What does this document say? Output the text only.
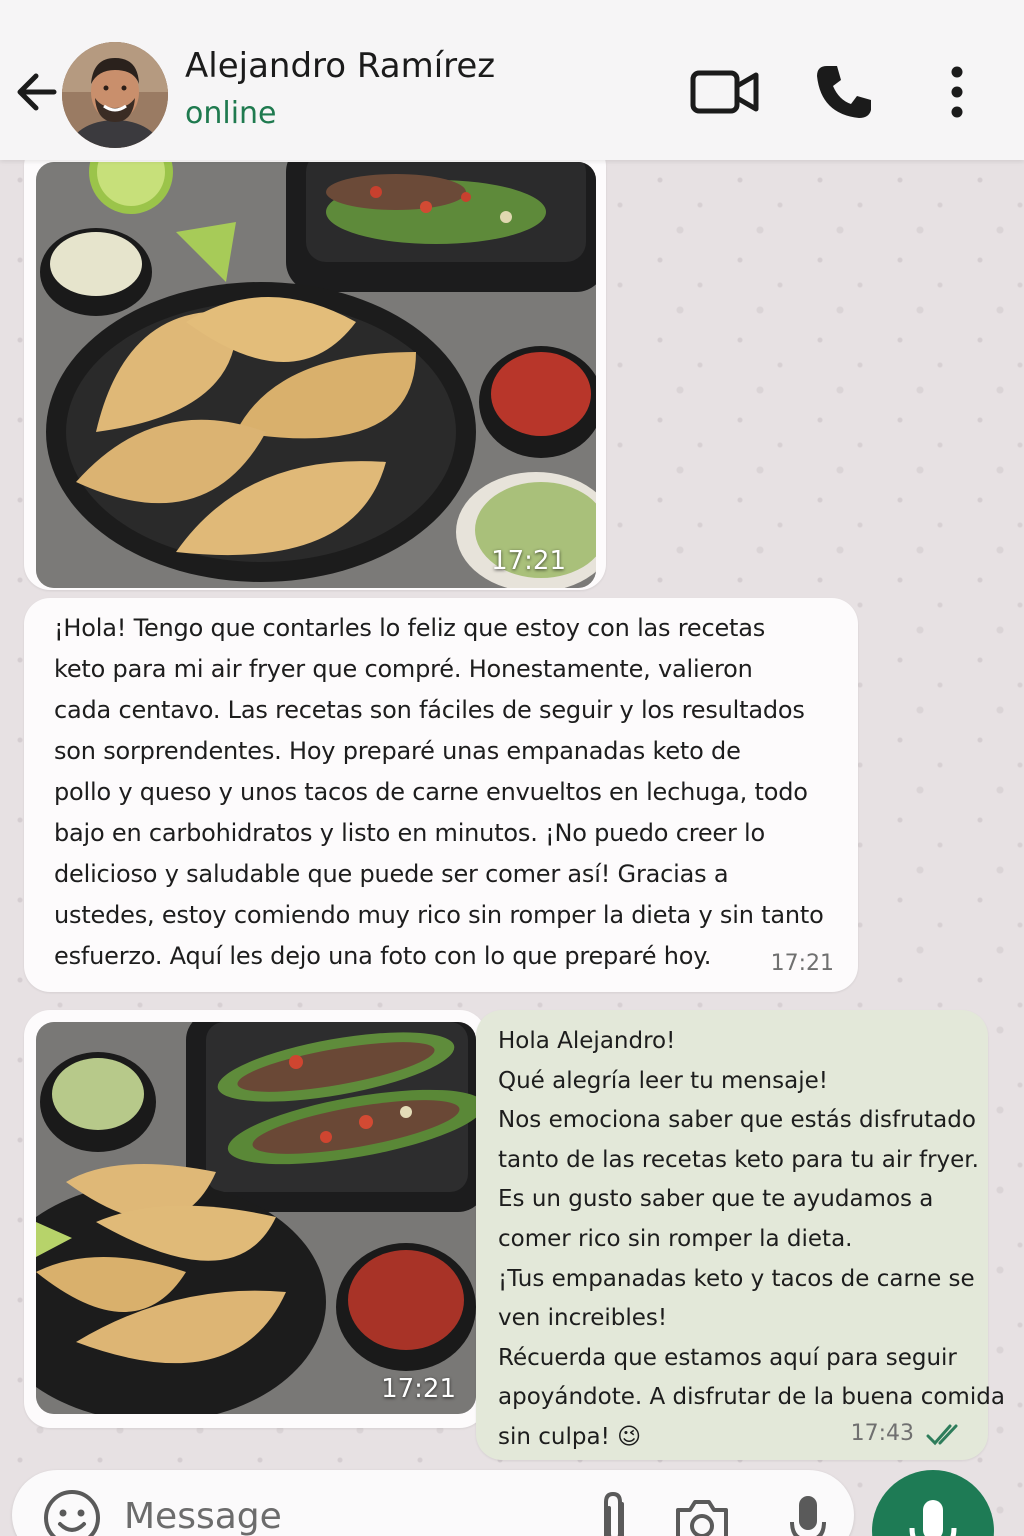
Alejandro Ramírez
online
17:21
¡Hola! Tengo que contarles lo feliz que estoy con las recetas
keto para mi air fryer que compré. Honestamente, valieron
cada centavo. Las recetas son fáciles de seguir y los resultados
son sorprendentes. Hoy preparé unas empanadas keto de
pollo y queso y unos tacos de carne envueltos en lechuga, todo
bajo en carbohidratos y listo en minutos. ¡No puedo creer lo
delicioso y saludable que puede ser comer así! Gracias a
ustedes, estoy comiendo muy rico sin romper la dieta y sin tanto
esfuerzo. Aquí les dejo una foto con lo que preparé hoy.	17:21
17:21
Hola Alejandro!
Qué alegría leer tu mensaje!
Nos emociona saber que estás disfrutado
tanto de las recetas keto para tu air fryer.
Es un gusto saber que te ayudamos a
comer rico sin romper la dieta.
¡Tus empanadas keto y tacos de carne se
ven increibles!
Récuerda que estamos aquí para seguir
apoyándote. A disfrutar de la buena comida
sin culpa! 😉	17:43
Message
